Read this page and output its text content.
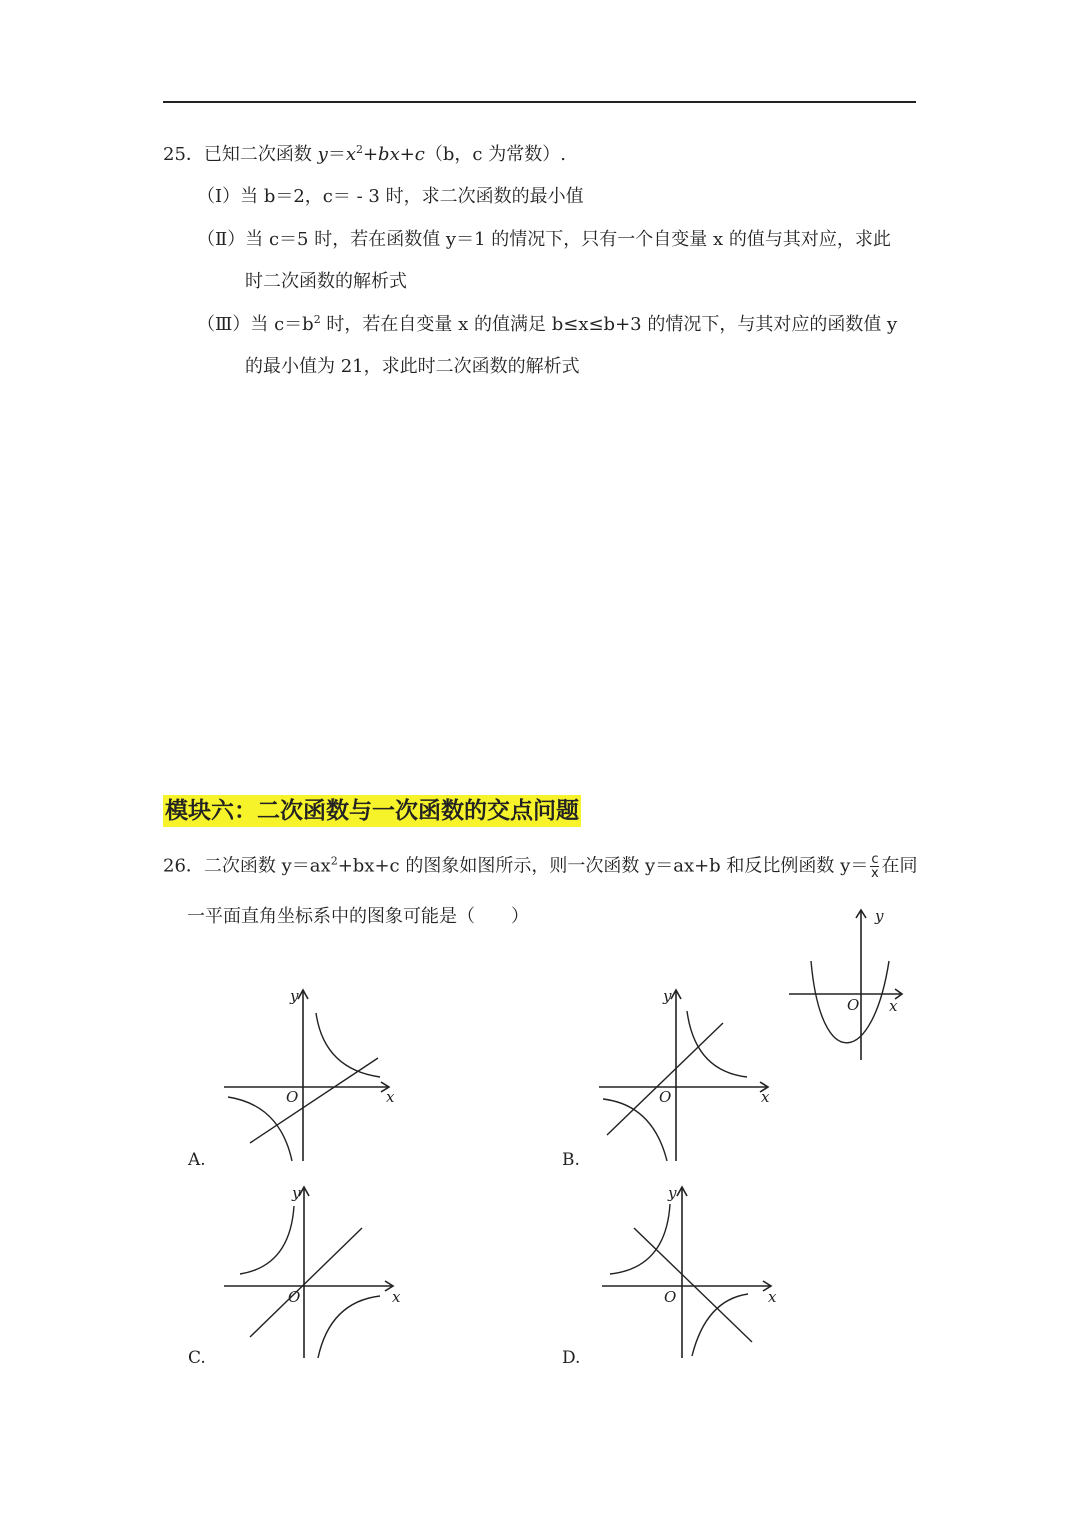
25．已知二次函数 $y=x^2+bx+c(b$，c 为常数）.
（Ⅰ）当 b＝2，c＝ - 3 时，求二次函数的最小值
（Ⅱ）当 c＝5 时，若在函数值 y＝1 的情况下，只有一个自变量 x 的值与其对应，求此
时二次函数的解析式
（Ⅲ）当 $c=b^2$ 时，若在自变量 x 的值满足 b≤x≤b+3 的情况下，与其对应的函数值 y
的最小值为 21，求此时二次函数的解析式
模块六：二次函数与一次函数的交点问题
26．二次函数 $y=ax^2+bx+c$ 的图象如图所示，则一次函数 y＝ax+b 和反比例函数 $y= \frac{c}{x}$ 在同
一平面直角坐标系中的图象可能是（ ）	y
x
O
y
x
O
A.
y
x
O
B.
y
x
O
C.
y
x
O
D.
